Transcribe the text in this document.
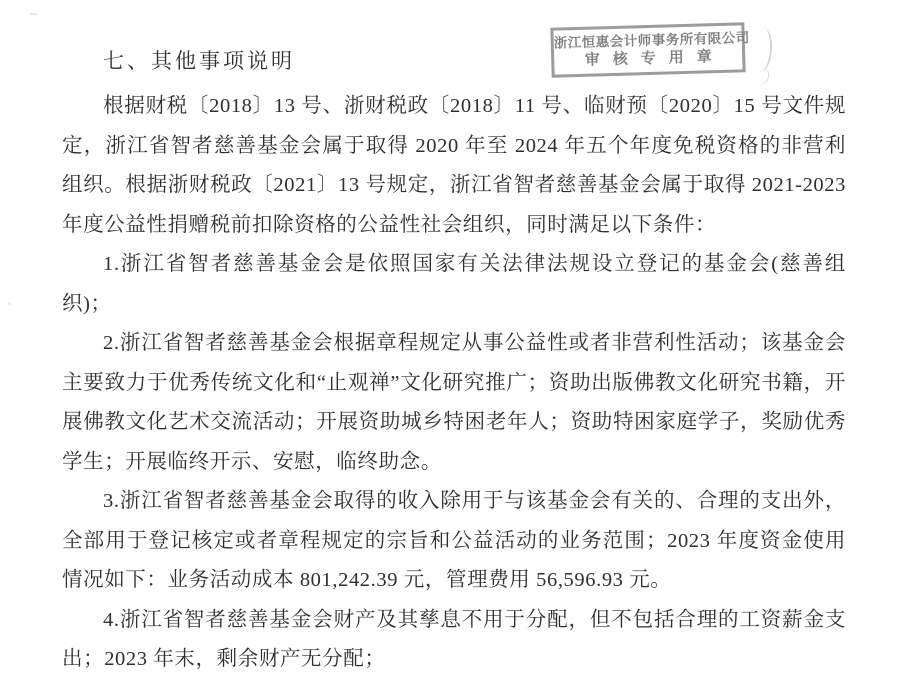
浙江恒惠会计师事务所有限公司
审核专用章
七、其他事项说明

根据财税〔2018〕13 号、浙财税政〔2018〕11 号、临财预〔2020〕15 号文件规定，浙江省智者慈善基金会属于取得 2020 年至 2024 年五个年度免税资格的非营利组织。根据浙财税政〔2021〕13 号规定，浙江省智者慈善基金会属于取得 2021-2023 年度公益性捐赠税前扣除资格的公益性社会组织，同时满足以下条件：

1.浙江省智者慈善基金会是依照国家有关法律法规设立登记的基金会(慈善组织)；

2.浙江省智者慈善基金会根据章程规定从事公益性或者非营利性活动；该基金会主要致力于优秀传统文化和“止观禅”文化研究推广；资助出版佛教文化研究书籍，开展佛教文化艺术交流活动；开展资助城乡特困老年人；资助特困家庭学子，奖励优秀学生；开展临终开示、安慰，临终助念。

3.浙江省智者慈善基金会取得的收入除用于与该基金会有关的、合理的支出外，全部用于登记核定或者章程规定的宗旨和公益活动的业务范围；2023 年度资金使用情况如下：业务活动成本 801,242.39 元，管理费用 56,596.93 元。

4.浙江省智者慈善基金会财产及其孳息不用于分配，但不包括合理的工资薪金支出；2023 年末，剩余财产无分配；
